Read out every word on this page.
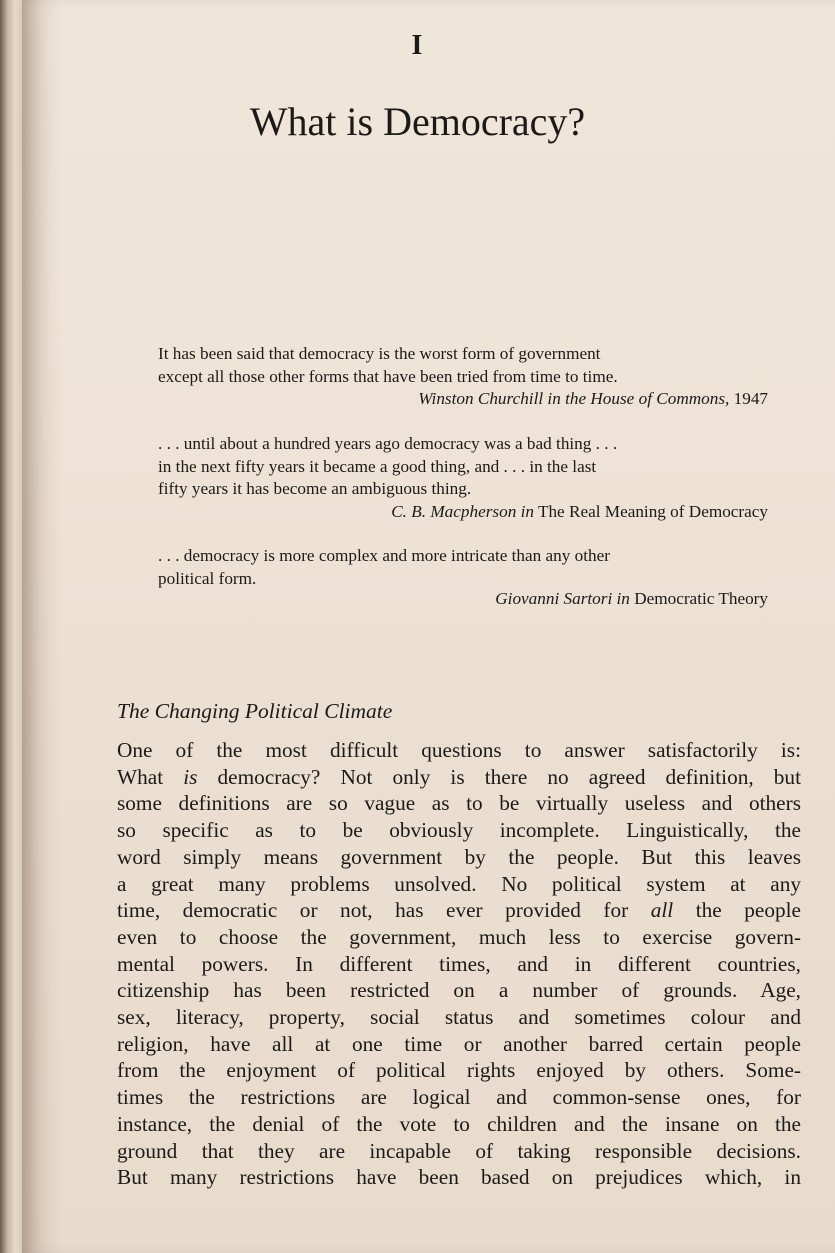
I
What is Democracy?
It has been said that democracy is the worst form of government
except all those other forms that have been tried from time to time.
Winston Churchill in the House of Commons, 1947
. . . until about a hundred years ago democracy was a bad thing . . .
in the next fifty years it became a good thing, and . . . in the last
fifty years it has become an ambiguous thing.
C. B. Macpherson in The Real Meaning of Democracy
. . . democracy is more complex and more intricate than any other
political form.
Giovanni Sartori in Democratic Theory
The Changing Political Climate
One of the most difficult questions to answer satisfactorily is:
What is democracy? Not only is there no agreed definition, but
some definitions are so vague as to be virtually useless and others
so specific as to be obviously incomplete. Linguistically, the
word simply means government by the people. But this leaves
a great many problems unsolved. No political system at any
time, democratic or not, has ever provided for all the people
even to choose the government, much less to exercise govern-
mental powers. In different times, and in different countries,
citizenship has been restricted on a number of grounds. Age,
sex, literacy, property, social status and sometimes colour and
religion, have all at one time or another barred certain people
from the enjoyment of political rights enjoyed by others. Some-
times the restrictions are logical and common-sense ones, for
instance, the denial of the vote to children and the insane on the
ground that they are incapable of taking responsible decisions.
But many restrictions have been based on prejudices which, in
